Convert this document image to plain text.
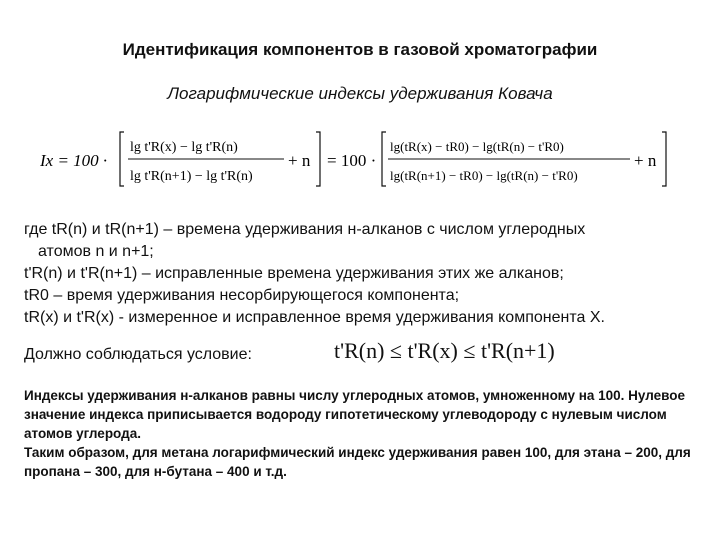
Идентификация компонентов в газовой хроматографии
Логарифмические индексы удерживания Ковача
Ix = 100 ·
lg t'R(x) − lg t'R(n)
lg t'R(n+1) − lg t'R(n)
+ n = 100 ·
lg(tR(x) − tR0) − lg(tR(n) − t'R0)
lg(tR(n+1) − tR0) − lg(tR(n) − t'R0)
+ n

где tR(n) и tR(n+1) – времена удерживания н-алканов с числом углеродных

атомов n и n+1;

t'R(n) и t'R(n+1) – исправленные времена удерживания этих же алканов;

tR0 – время удерживания несорбирующегося компонента;

tR(x) и t'R(x) - измеренное и исправленное время удерживания компонента X.

Должно соблюдаться условие:	t'R(n) ≤ t'R(x) ≤ t'R(n+1)

Индексы удерживания н-алканов равны числу углеродных атомов, умноженному на 100. Нулевое значение индекса приписывается водороду гипотетическому углеводороду с нулевым числом атомов углерода.

Таким образом, для метана логарифмический индекс удерживания равен 100, для этана – 200, для пропана – 300, для н-бутана – 400 и т.д.
